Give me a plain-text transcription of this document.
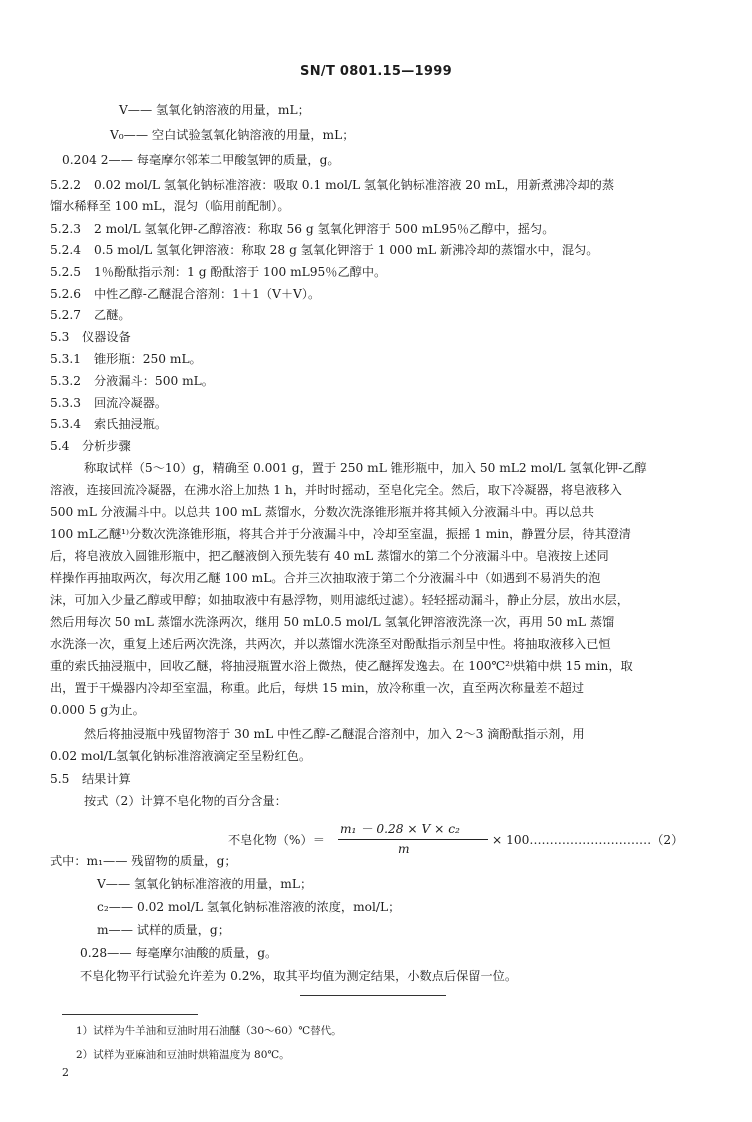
SN/T 0801.15—1999
V—— 氢氧化钠溶液的用量，mL；
V₀—— 空白试验氢氧化钠溶液的用量，mL；
0.204 2—— 每毫摩尔邻苯二甲酸氢钾的质量，g。
5.2.2 0.02 mol/L 氢氧化钠标准溶液：吸取 0.1 mol/L 氢氧化钠标准溶液 20 mL，用新煮沸冷却的蒸
馏水稀释至 100 mL，混匀（临用前配制）。
5.2.3 2 mol/L 氢氧化钾-乙醇溶液：称取 56 g 氢氧化钾溶于 500 mL95％乙醇中，摇匀。
5.2.4 0.5 mol/L 氢氧化钾溶液：称取 28 g 氢氧化钾溶于 1 000 mL 新沸冷却的蒸馏水中，混匀。
5.2.5 1％酚酞指示剂：1 g 酚酞溶于 100 mL95％乙醇中。
5.2.6 中性乙醇-乙醚混合溶剂：1＋1（V＋V）。
5.2.7 乙醚。
5.3 仪器设备
5.3.1 锥形瓶：250 mL。
5.3.2 分液漏斗：500 mL。
5.3.3 回流冷凝器。
5.3.4 索氏抽浸瓶。
5.4 分析步骤
称取试样（5～10）g，精确至 0.001 g，置于 250 mL 锥形瓶中，加入 50 mL2 mol/L 氢氧化钾-乙醇
溶液，连接回流冷凝器，在沸水浴上加热 1 h，并时时摇动，至皂化完全。然后，取下冷凝器，将皂液移入
500 mL 分液漏斗中。以总共 100 mL 蒸馏水，分数次洗涤锥形瓶并将其倾入分液漏斗中。再以总共
100 mL乙醚¹⁾分数次洗涤锥形瓶，将其合并于分液漏斗中，冷却至室温，振摇 1 min，静置分层，待其澄清
后，将皂液放入圆锥形瓶中，把乙醚液倒入预先装有 40 mL 蒸馏水的第二个分液漏斗中。皂液按上述同
样操作再抽取两次，每次用乙醚 100 mL。合并三次抽取液于第二个分液漏斗中（如遇到不易消失的泡
沫，可加入少量乙醇或甲醇；如抽取液中有悬浮物，则用滤纸过滤）。轻轻摇动漏斗，静止分层，放出水层，
然后用每次 50 mL 蒸馏水洗涤两次，继用 50 mL0.5 mol/L 氢氧化钾溶液洗涤一次，再用 50 mL 蒸馏
水洗涤一次，重复上述后两次洗涤，共两次，并以蒸馏水洗涤至对酚酞指示剂呈中性。将抽取液移入已恒
重的索氏抽浸瓶中，回收乙醚，将抽浸瓶置水浴上微热，使乙醚挥发逸去。在 100℃²⁾烘箱中烘 15 min，取
出，置于干燥器内冷却至室温，称重。此后，每烘 15 min，放冷称重一次，直至两次称量差不超过
0.000 5 g为止。
然后将抽浸瓶中残留物溶于 30 mL 中性乙醇-乙醚混合溶剂中，加入 2～3 滴酚酞指示剂，用
0.02 mol/L氢氧化钠标准溶液滴定至呈粉红色。
5.5 结果计算
按式（2）计算不皂化物的百分含量：
不皂化物（%）＝
m₁ － 0.28 × V × c₂
m
× 100…………………………（2）
式中：m₁—— 残留物的质量，g；
V—— 氢氧化钠标准溶液的用量，mL；
c₂—— 0.02 mol/L 氢氧化钠标准溶液的浓度，mol/L；
m—— 试样的质量，g；
0.28—— 每毫摩尔油酸的质量，g。
不皂化物平行试验允许差为 0.2%，取其平均值为测定结果，小数点后保留一位。
1）试样为牛羊油和豆油时用石油醚（30～60）℃替代。
2）试样为亚麻油和豆油时烘箱温度为 80℃。
2
